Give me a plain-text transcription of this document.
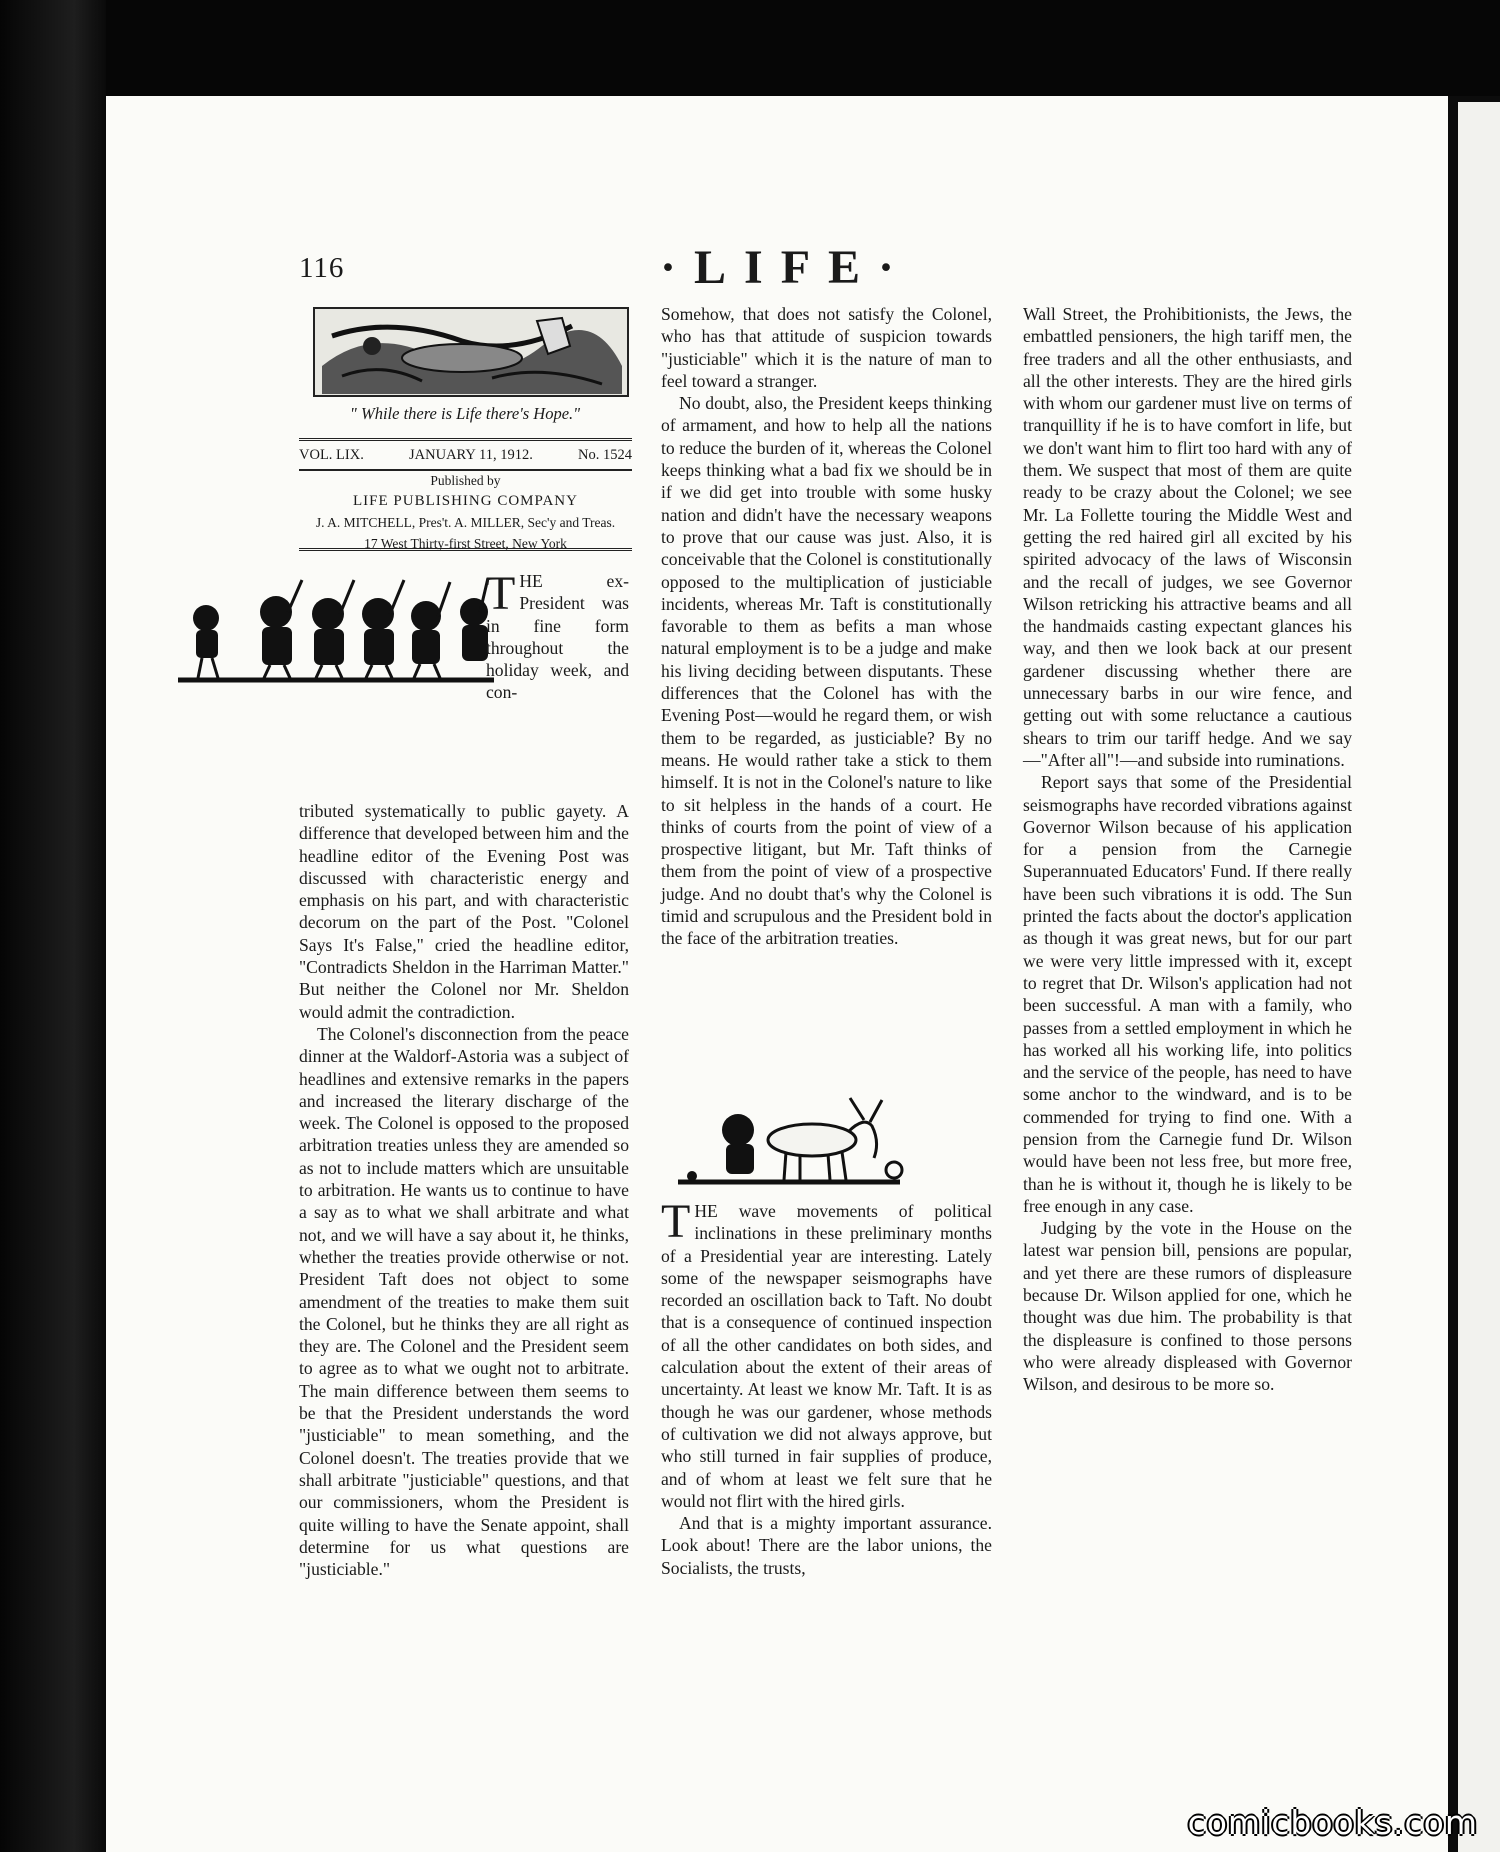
116	·LIFE·
" While there is Life there's Hope."
VOL. LIX.	JANUARY 11, 1912.	No. 1524
Published by
LIFE PUBLISHING COMPANY
J. A. MITCHELL, Pres't. A. MILLER, Sec'y and Treas.
17 West Thirty-first Street, New York

THE ex-President was in fine form throughout the holiday week, and con-

tributed systematically to public gayety. A difference that developed between him and the headline editor of the Evening Post was discussed with characteristic energy and emphasis on his part, and with characteristic decorum on the part of the Post. "Colonel Says It's False," cried the headline editor, "Contradicts Sheldon in the Harriman Matter." But neither the Colonel nor Mr. Sheldon would admit the contradiction.

The Colonel's disconnection from the peace dinner at the Waldorf-Astoria was a subject of headlines and extensive remarks in the papers and increased the literary discharge of the week. The Colonel is opposed to the proposed arbitration treaties unless they are amended so as not to include matters which are unsuitable to arbitration. He wants us to continue to have a say as to what we shall arbitrate and what not, and we will have a say about it, he thinks, whether the treaties provide otherwise or not. President Taft does not object to some amendment of the treaties to make them suit the Colonel, but he thinks they are all right as they are. The Colonel and the President seem to agree as to what we ought not to arbitrate. The main difference between them seems to be that the President understands the word "justiciable" to mean something, and the Colonel doesn't. The treaties provide that we shall arbitrate "justiciable" questions, and that our commissioners, whom the President is quite willing to have the Senate appoint, shall determine for us what questions are "justiciable."

Somehow, that does not satisfy the Colonel, who has that attitude of suspicion towards "justiciable" which it is the nature of man to feel toward a stranger.

No doubt, also, the President keeps thinking of armament, and how to help all the nations to reduce the burden of it, whereas the Colonel keeps thinking what a bad fix we should be in if we did get into trouble with some husky nation and didn't have the necessary weapons to prove that our cause was just. Also, it is conceivable that the Colonel is constitutionally opposed to the multiplication of justiciable incidents, whereas Mr. Taft is constitutionally favorable to them as befits a man whose natural employment is to be a judge and make his living deciding between disputants. These differences that the Colonel has with the Evening Post—would he regard them, or wish them to be regarded, as justiciable? By no means. He would rather take a stick to them himself. It is not in the Colonel's nature to like to sit helpless in the hands of a court. He thinks of courts from the point of view of a prospective litigant, but Mr. Taft thinks of them from the point of view of a prospective judge. And no doubt that's why the Colonel is timid and scrupulous and the President bold in the face of the arbitration treaties.

THE wave movements of political inclinations in these preliminary months of a Presidential year are interesting. Lately some of the newspaper seismographs have recorded an oscillation back to Taft. No doubt that is a consequence of continued inspection of all the other candidates on both sides, and calculation about the extent of their areas of uncertainty. At least we know Mr. Taft. It is as though he was our gardener, whose methods of cultivation we did not always approve, but who still turned in fair supplies of produce, and of whom at least we felt sure that he would not flirt with the hired girls.

And that is a mighty important assurance. Look about! There are the labor unions, the Socialists, the trusts,

Wall Street, the Prohibitionists, the Jews, the embattled pensioners, the high tariff men, the free traders and all the other enthusiasts, and all the other interests. They are the hired girls with whom our gardener must live on terms of tranquillity if he is to have comfort in life, but we don't want him to flirt too hard with any of them. We suspect that most of them are quite ready to be crazy about the Colonel; we see Mr. La Follette touring the Middle West and getting the red haired girl all excited by his spirited advocacy of the laws of Wisconsin and the recall of judges, we see Governor Wilson retricking his attractive beams and all the handmaids casting expectant glances his way, and then we look back at our present gardener discussing whether there are unnecessary barbs in our wire fence, and getting out with some reluctance a cautious shears to trim our tariff hedge. And we say—"After all"!—and subside into ruminations.

Report says that some of the Presidential seismographs have recorded vibrations against Governor Wilson because of his application for a pension from the Carnegie Superannuated Educators' Fund. If there really have been such vibrations it is odd. The Sun printed the facts about the doctor's application as though it was great news, but for our part we were very little impressed with it, except to regret that Dr. Wilson's application had not been successful. A man with a family, who passes from a settled employment in which he has worked all his working life, into politics and the service of the people, has need to have some anchor to the windward, and is to be commended for trying to find one. With a pension from the Carnegie fund Dr. Wilson would have been not less free, but more free, than he is without it, though he is likely to be free enough in any case.

Judging by the vote in the House on the latest war pension bill, pensions are popular, and yet there are these rumors of displeasure because Dr. Wilson applied for one, which he thought was due him. The probability is that the displeasure is confined to those persons who were already displeased with Governor Wilson, and desirous to be more so.

comicbooks.com
